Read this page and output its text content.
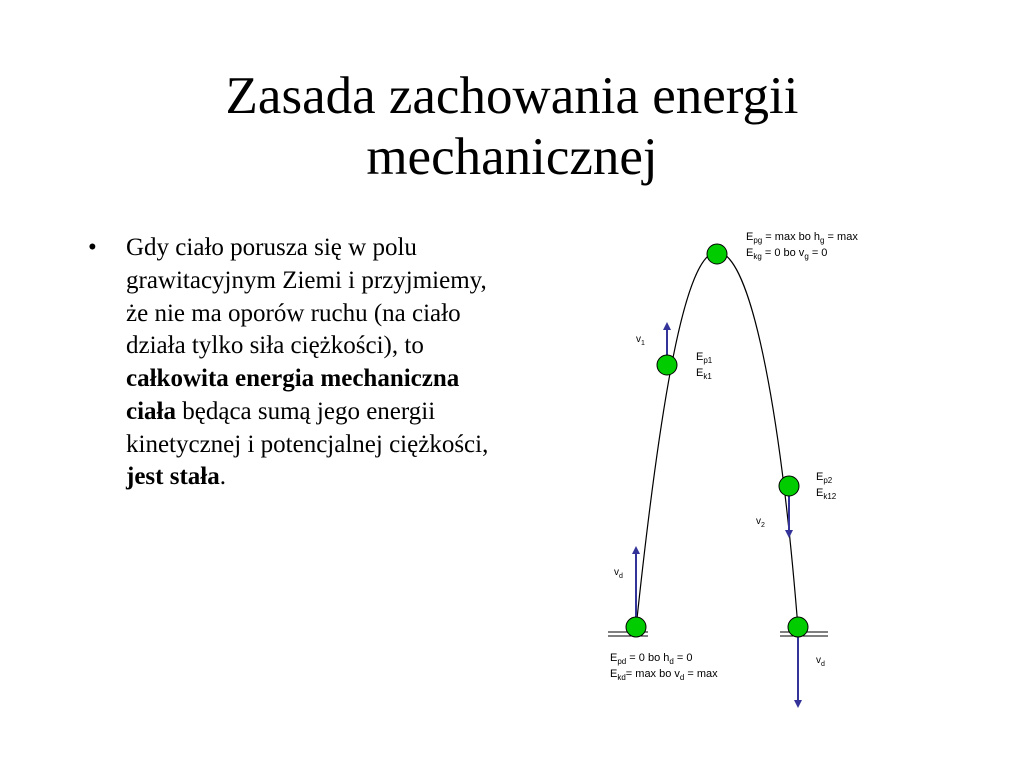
Zasada zachowania energii
mechanicznej
• Gdy ciało porusza się w polu grawitacyjnym Ziemi i przyjmiemy, że nie ma oporów ruchu (na ciało działa tylko siła ciężkości), to całkowita energia mechaniczna ciała będąca sumą jego energii kinetycznej i potencjalnej ciężkości, jest stała.
$E_{pg} = \max$ bo $h_g = \max$
$E_{kg} = 0$ bo $v_g = 0$
$v_1$
$E_{p1}$
$E_{k1}$
$E_{p2}$
$E_{k12}$
$v_2$
$v_d$
$v_d$
$E_{pd} = 0$ bo $h_d = 0$
$E_{kd}= \max$ bo $v_d = \max$
